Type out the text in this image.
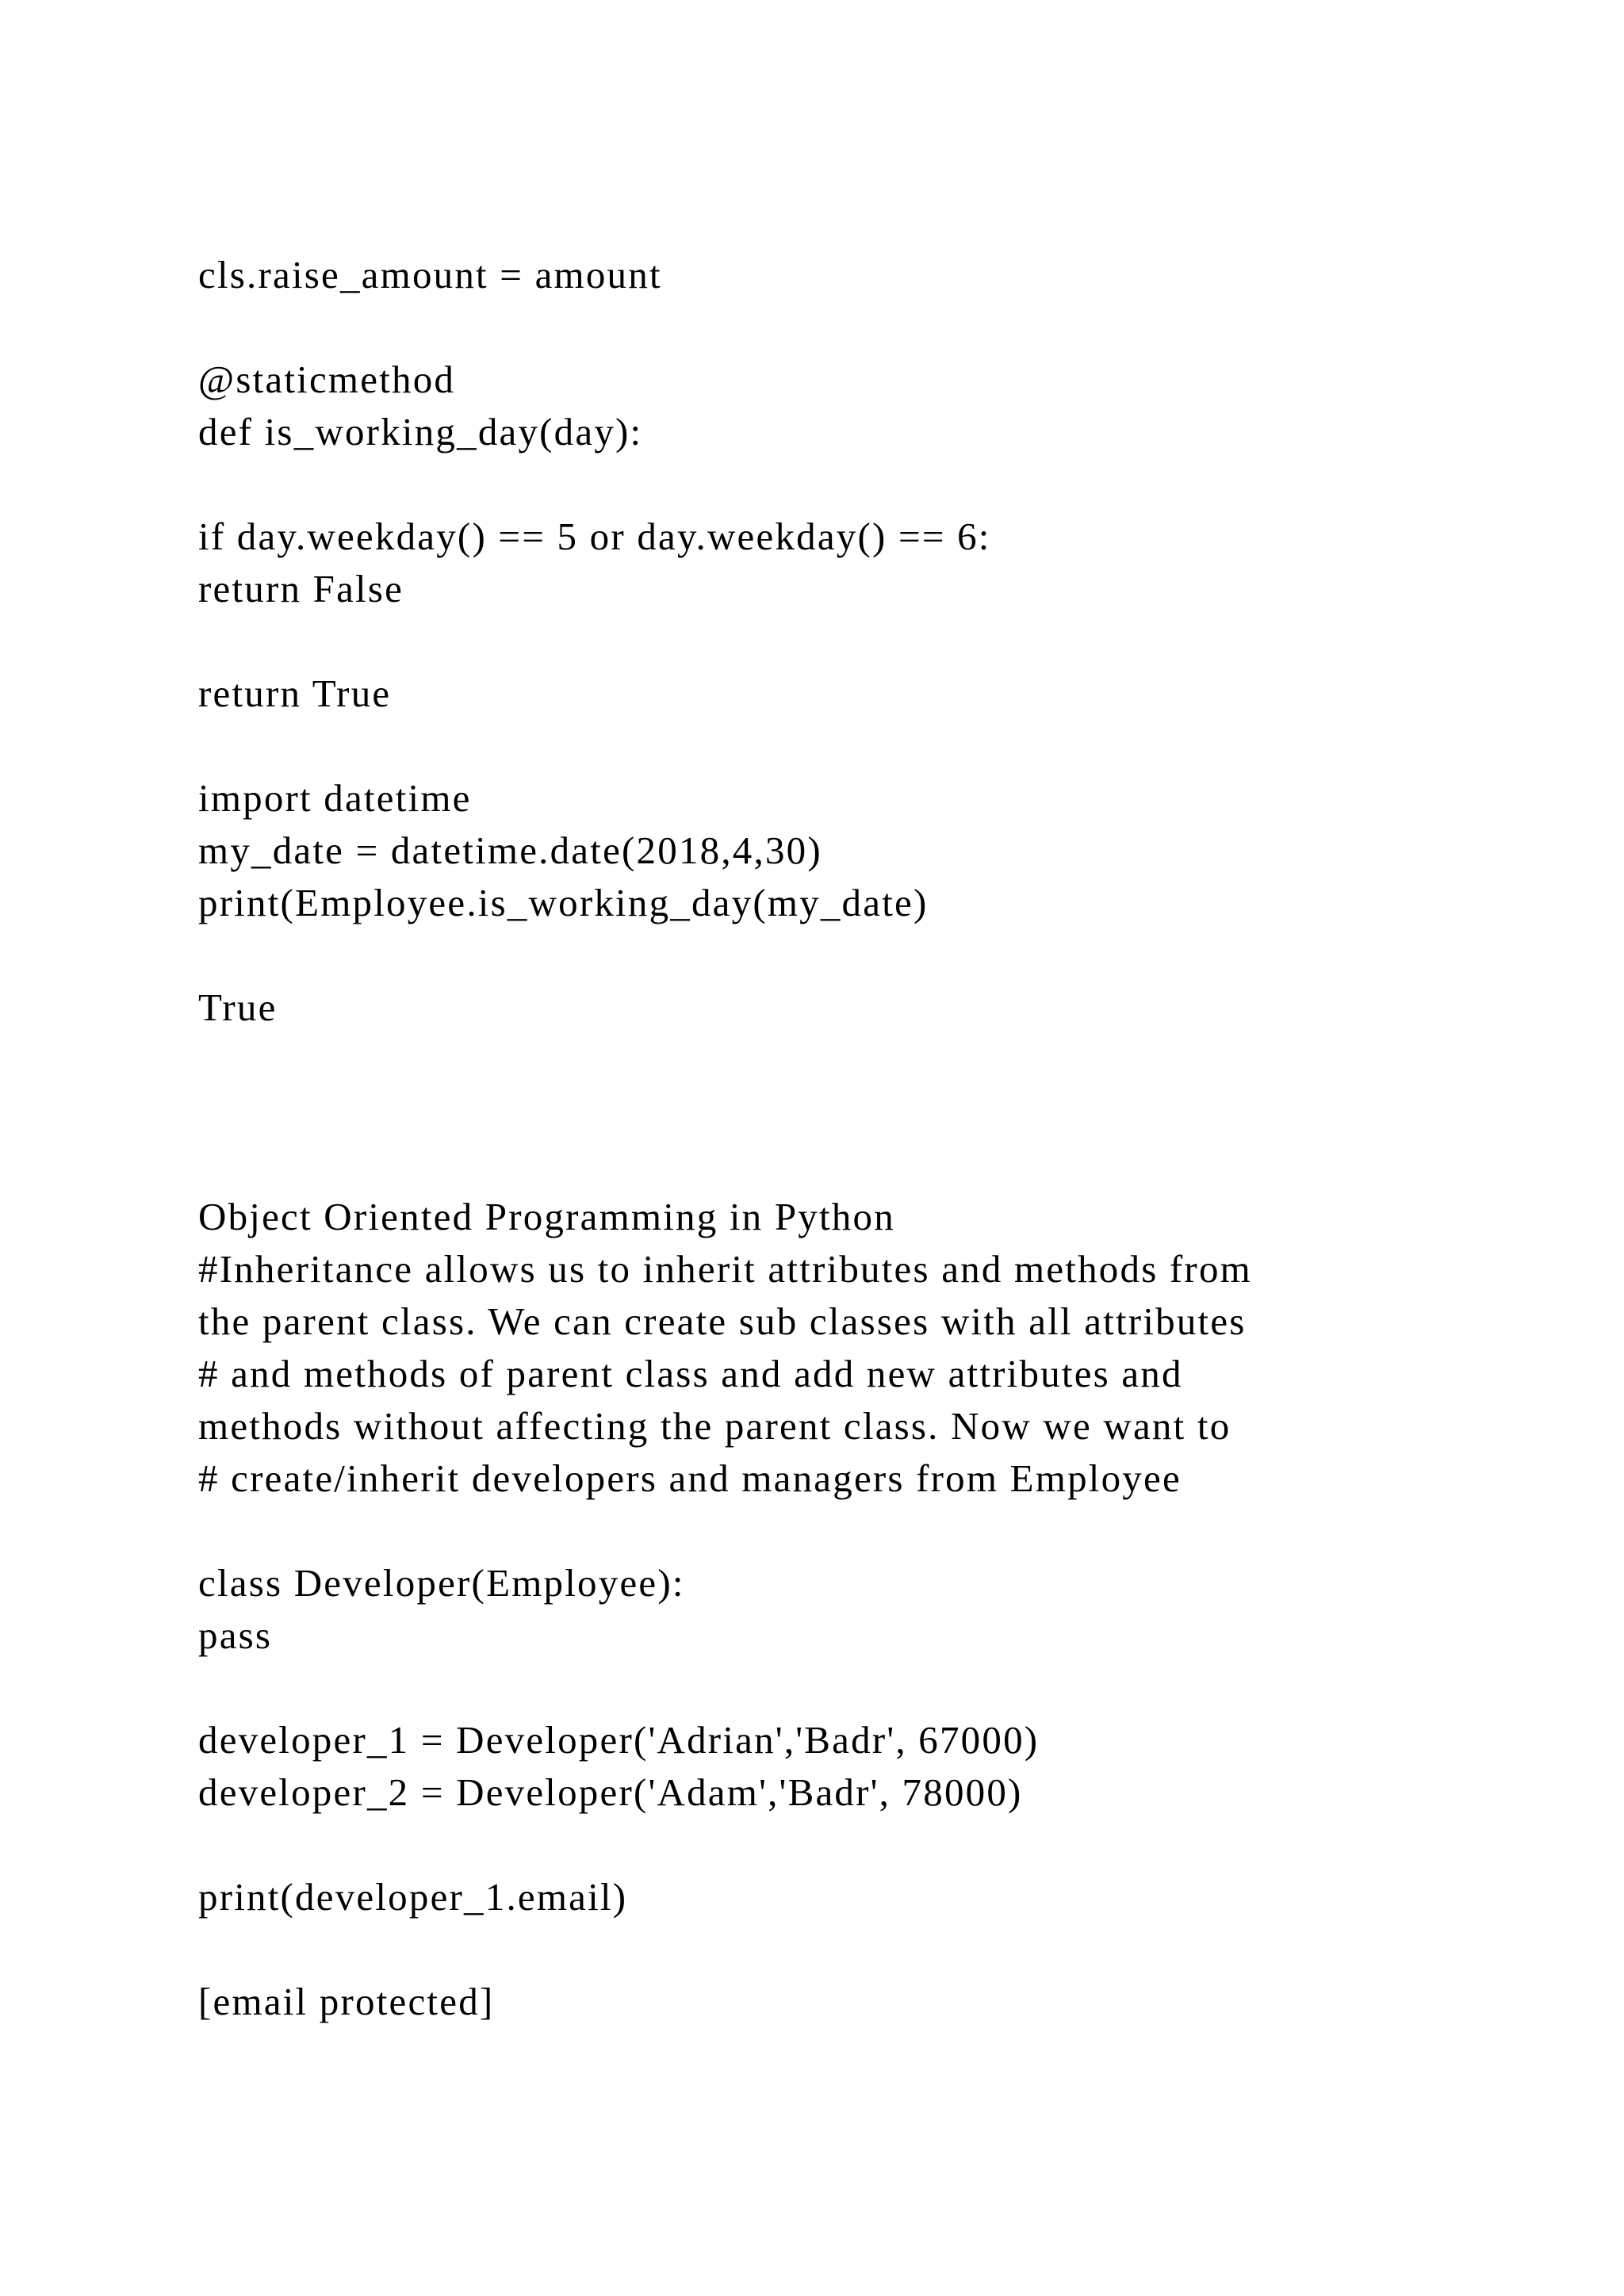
cls.raise_amount = amount

@staticmethod

def is_working_day(day):

if day.weekday() == 5 or day.weekday() == 6:

return False

return True

import datetime

my_date = datetime.date(2018,4,30)

print(Employee.is_working_day(my_date)

True

Object Oriented Programming in Python

#Inheritance allows us to inherit attributes and methods from

the parent class. We can create sub classes with all attributes

# and methods of parent class and add new attributes and

methods without affecting the parent class. Now we want to

# create/inherit developers and managers from Employee

class Developer(Employee):

pass

developer_1 = Developer('Adrian','Badr', 67000)

developer_2 = Developer('Adam','Badr', 78000)

print(developer_1.email)

[email protected]
